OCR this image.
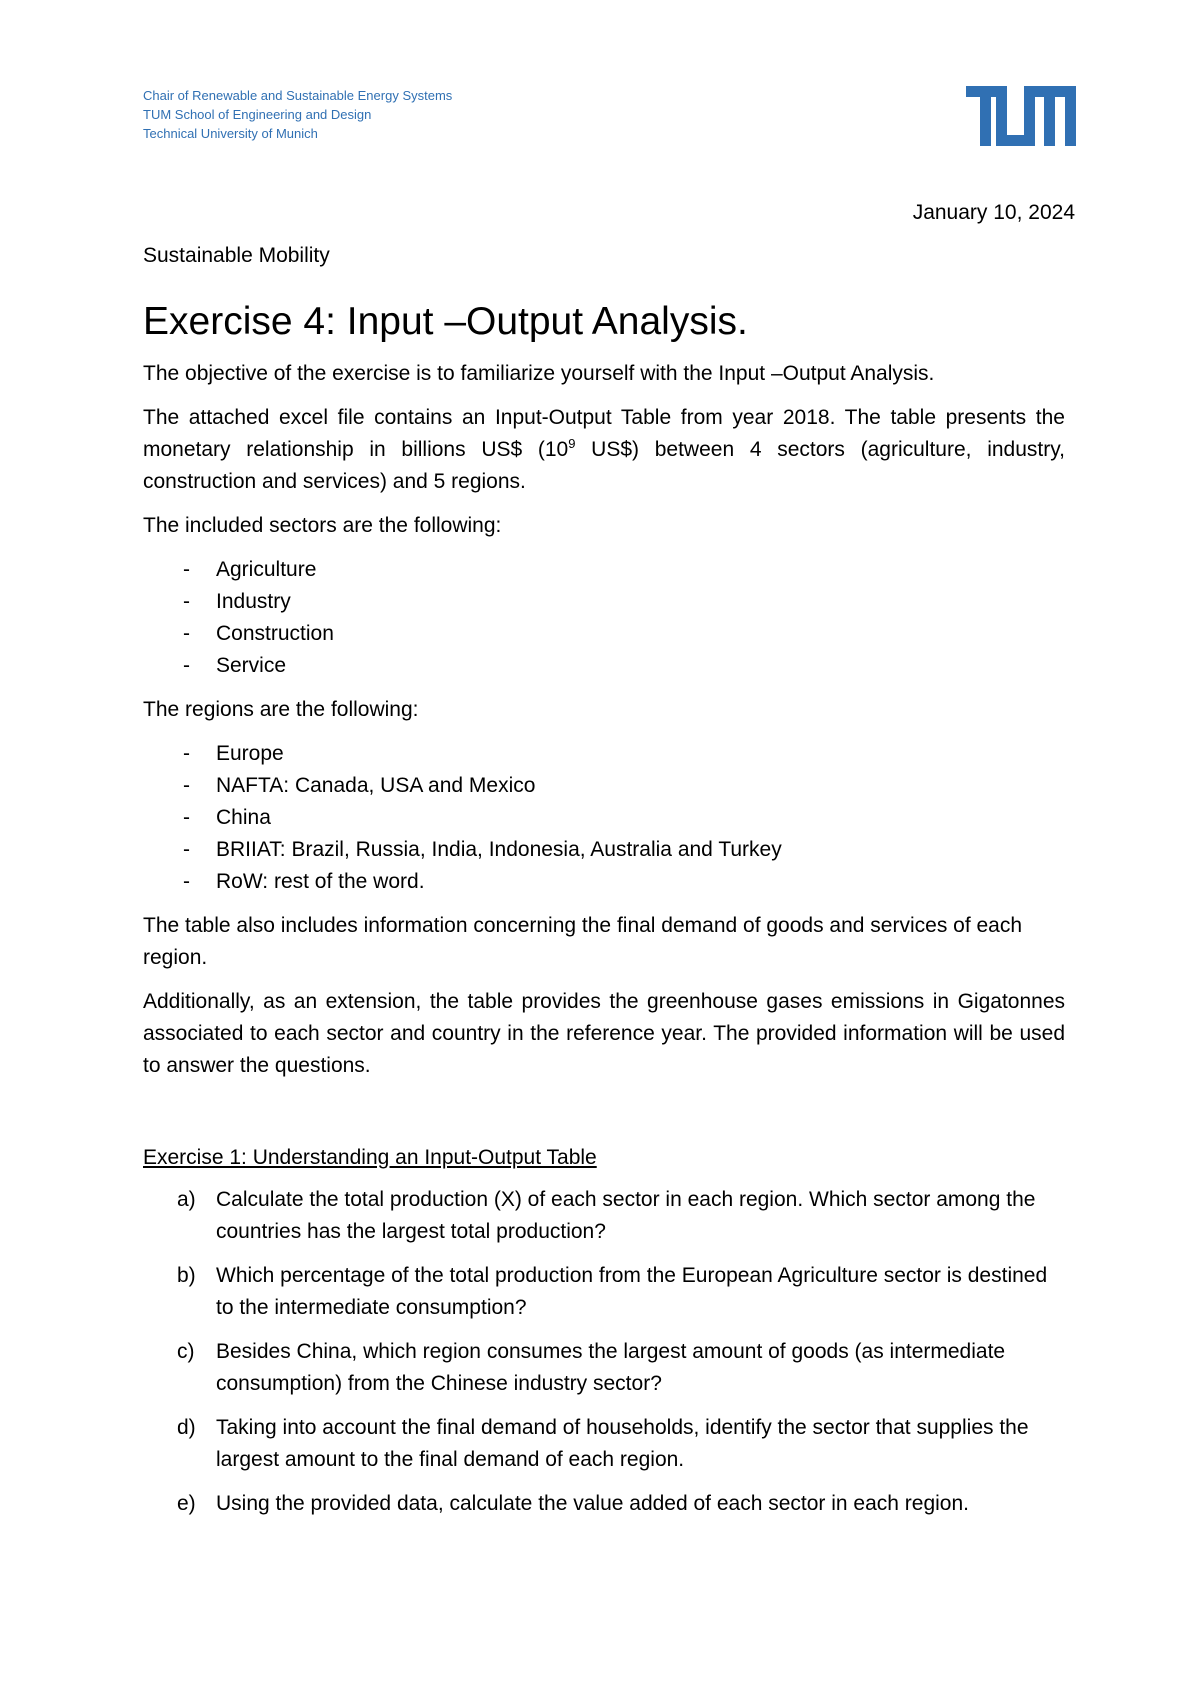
Chair of Renewable and Sustainable Energy Systems
TUM School of Engineering and Design
Technical University of Munich
January 10, 2024
Sustainable Mobility
Exercise 4: Input –Output Analysis.

The objective of the exercise is to familiarize yourself with the Input –Output Analysis.

The attached excel file contains an Input-Output Table from year 2018. The table presents the monetary relationship in billions US$ ($10^9$ US$) between 4 sectors (agriculture, industry, construction and services) and 5 regions.

The included sectors are the following:

- Agriculture
- Industry
- Construction
- Service

The regions are the following:

- Europe
- NAFTA: Canada, USA and Mexico
- China
- BRIIAT: Brazil, Russia, India, Indonesia, Australia and Turkey
- RoW: rest of the word.

The table also includes information concerning the final demand of goods and services of each region.

Additionally, as an extension, the table provides the greenhouse gases emissions in Gigatonnes associated to each sector and country in the reference year. The provided information will be used to answer the questions.

Exercise 1: Understanding an Input-Output Table
a) Calculate the total production (X) of each sector in each region. Which sector among the countries has the largest total production?
b) Which percentage of the total production from the European Agriculture sector is destined to the intermediate consumption?
c) Besides China, which region consumes the largest amount of goods (as intermediate consumption) from the Chinese industry sector?
d) Taking into account the final demand of households, identify the sector that supplies the largest amount to the final demand of each region.
e) Using the provided data, calculate the value added of each sector in each region.
